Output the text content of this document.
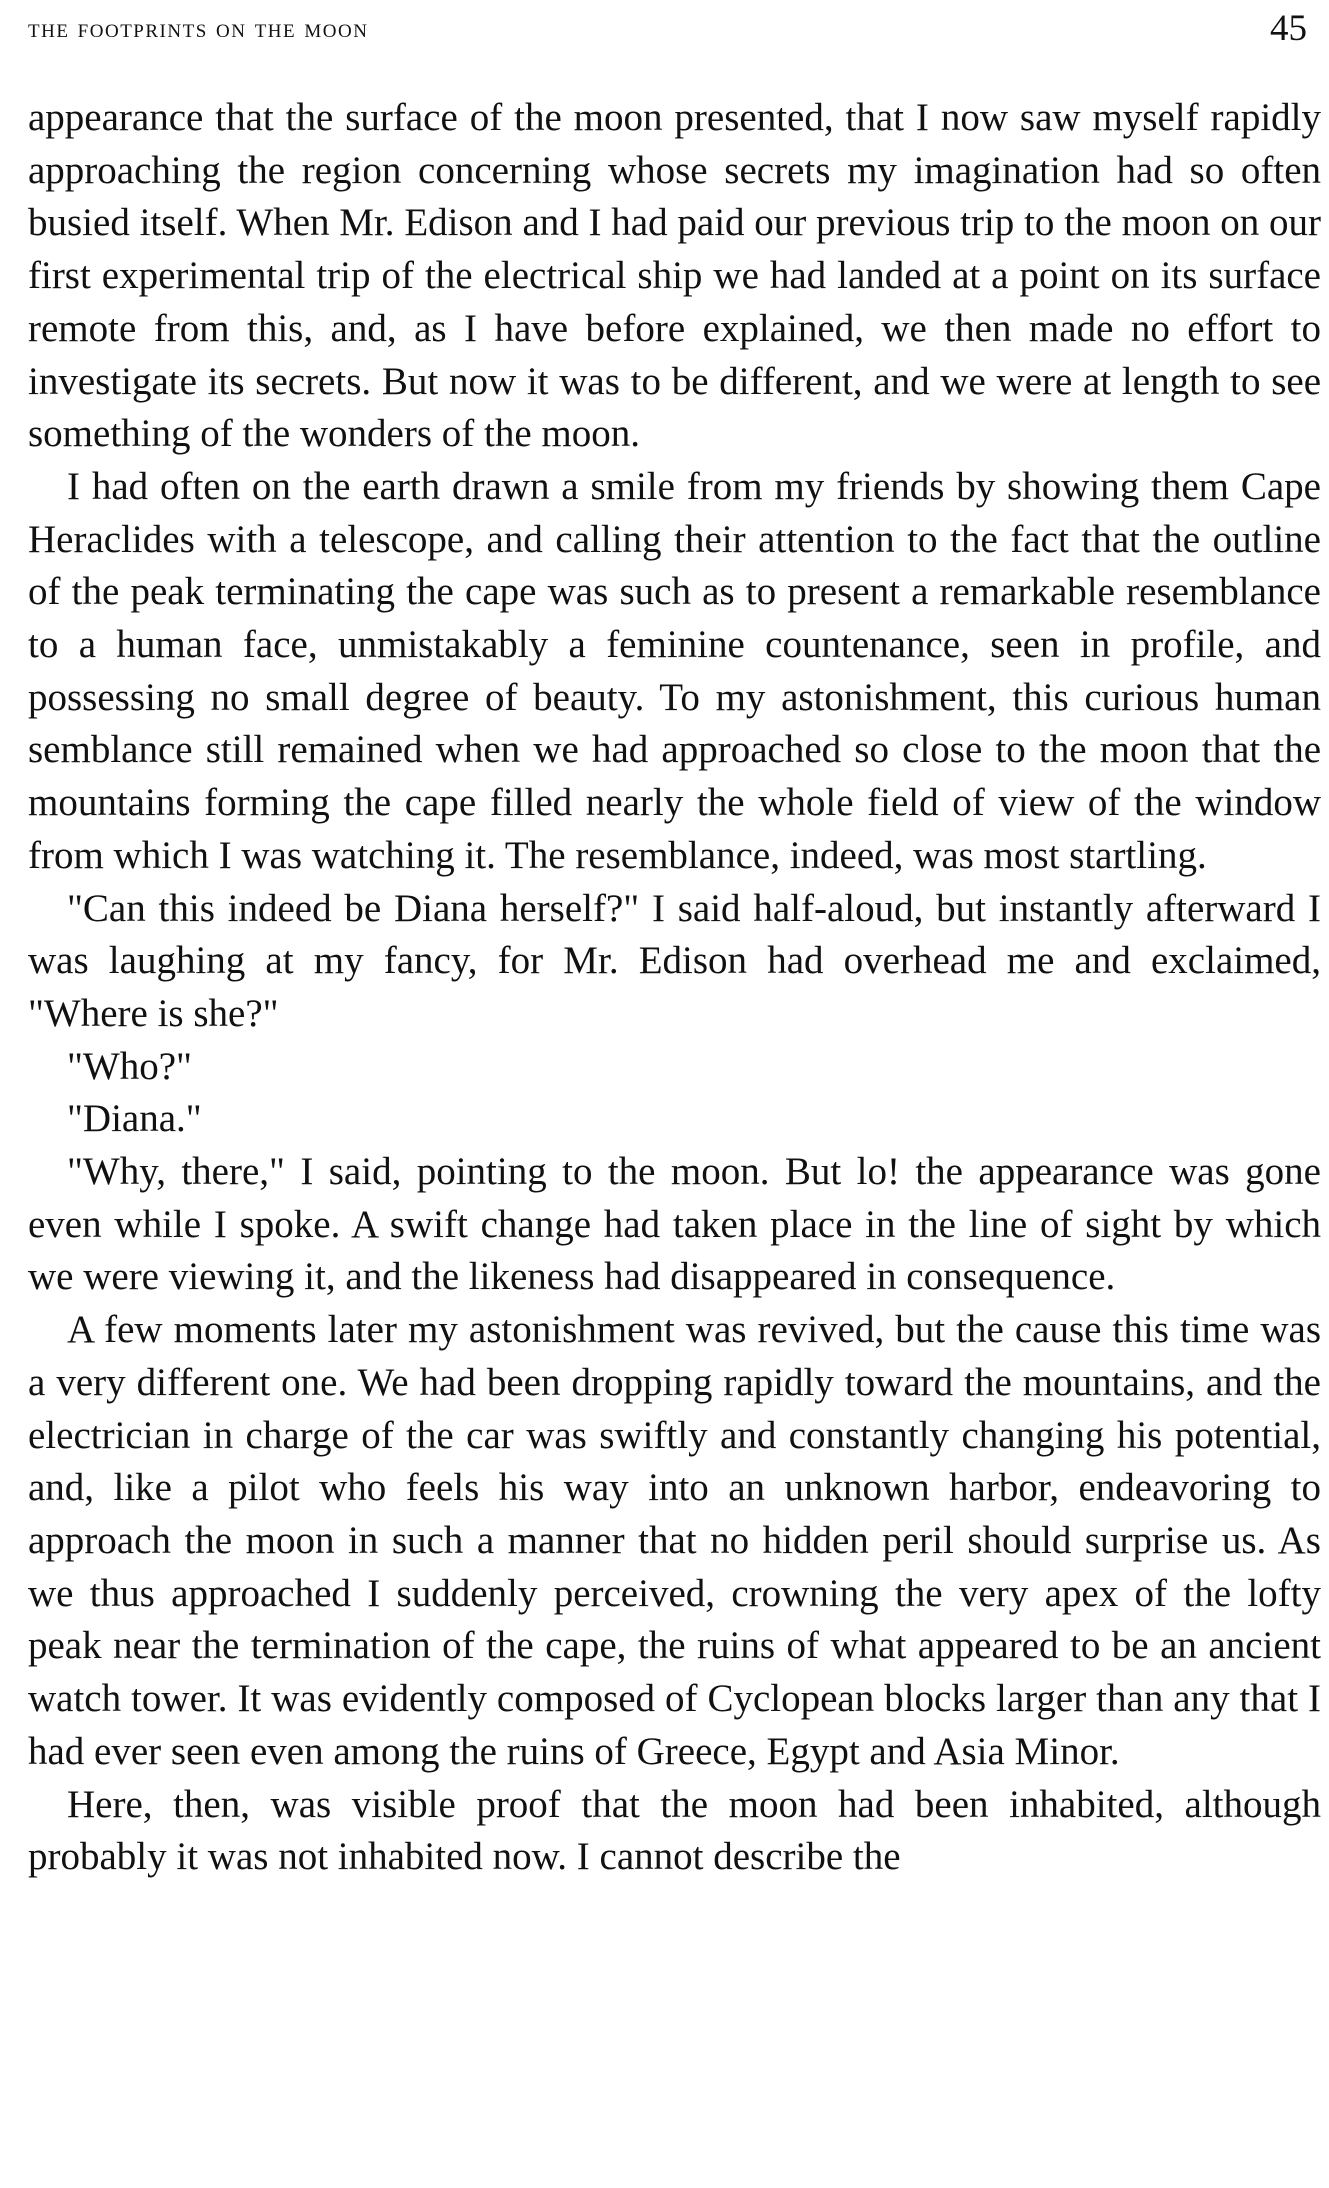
the footprints on the moon	45

appearance that the surface of the moon presented, that I now saw myself rapidly approaching the region concerning whose secrets my imagination had so often busied itself. When Mr. Edison and I had paid our previous trip to the moon on our first experimental trip of the electrical ship we had landed at a point on its surface remote from this, and, as I have before explained, we then made no effort to investigate its secrets. But now it was to be different, and we were at length to see something of the wonders of the moon.

I had often on the earth drawn a smile from my friends by showing them Cape Heraclides with a telescope, and calling their attention to the fact that the outline of the peak terminating the cape was such as to present a remarkable resemblance to a human face, unmistakably a feminine countenance, seen in profile, and possessing no small degree of beauty. To my astonishment, this curious human semblance still remained when we had approached so close to the moon that the mountains forming the cape filled nearly the whole field of view of the window from which I was watching it. The resemblance, indeed, was most startling.

"Can this indeed be Diana herself?" I said half-aloud, but instantly afterward I was laughing at my fancy, for Mr. Edison had overhead me and exclaimed, "Where is she?"

"Who?"

"Diana."

"Why, there," I said, pointing to the moon. But lo! the appearance was gone even while I spoke. A swift change had taken place in the line of sight by which we were viewing it, and the likeness had disappeared in consequence.

A few moments later my astonishment was revived, but the cause this time was a very different one. We had been dropping rapidly toward the mountains, and the electrician in charge of the car was swiftly and constantly changing his potential, and, like a pilot who feels his way into an unknown harbor, endeavoring to approach the moon in such a manner that no hidden peril should surprise us. As we thus approached I suddenly perceived, crowning the very apex of the lofty peak near the termination of the cape, the ruins of what appeared to be an ancient watch tower. It was evidently composed of Cyclopean blocks larger than any that I had ever seen even among the ruins of Greece, Egypt and Asia Minor.

Here, then, was visible proof that the moon had been inhabited, although probably it was not inhabited now. I cannot describe the
